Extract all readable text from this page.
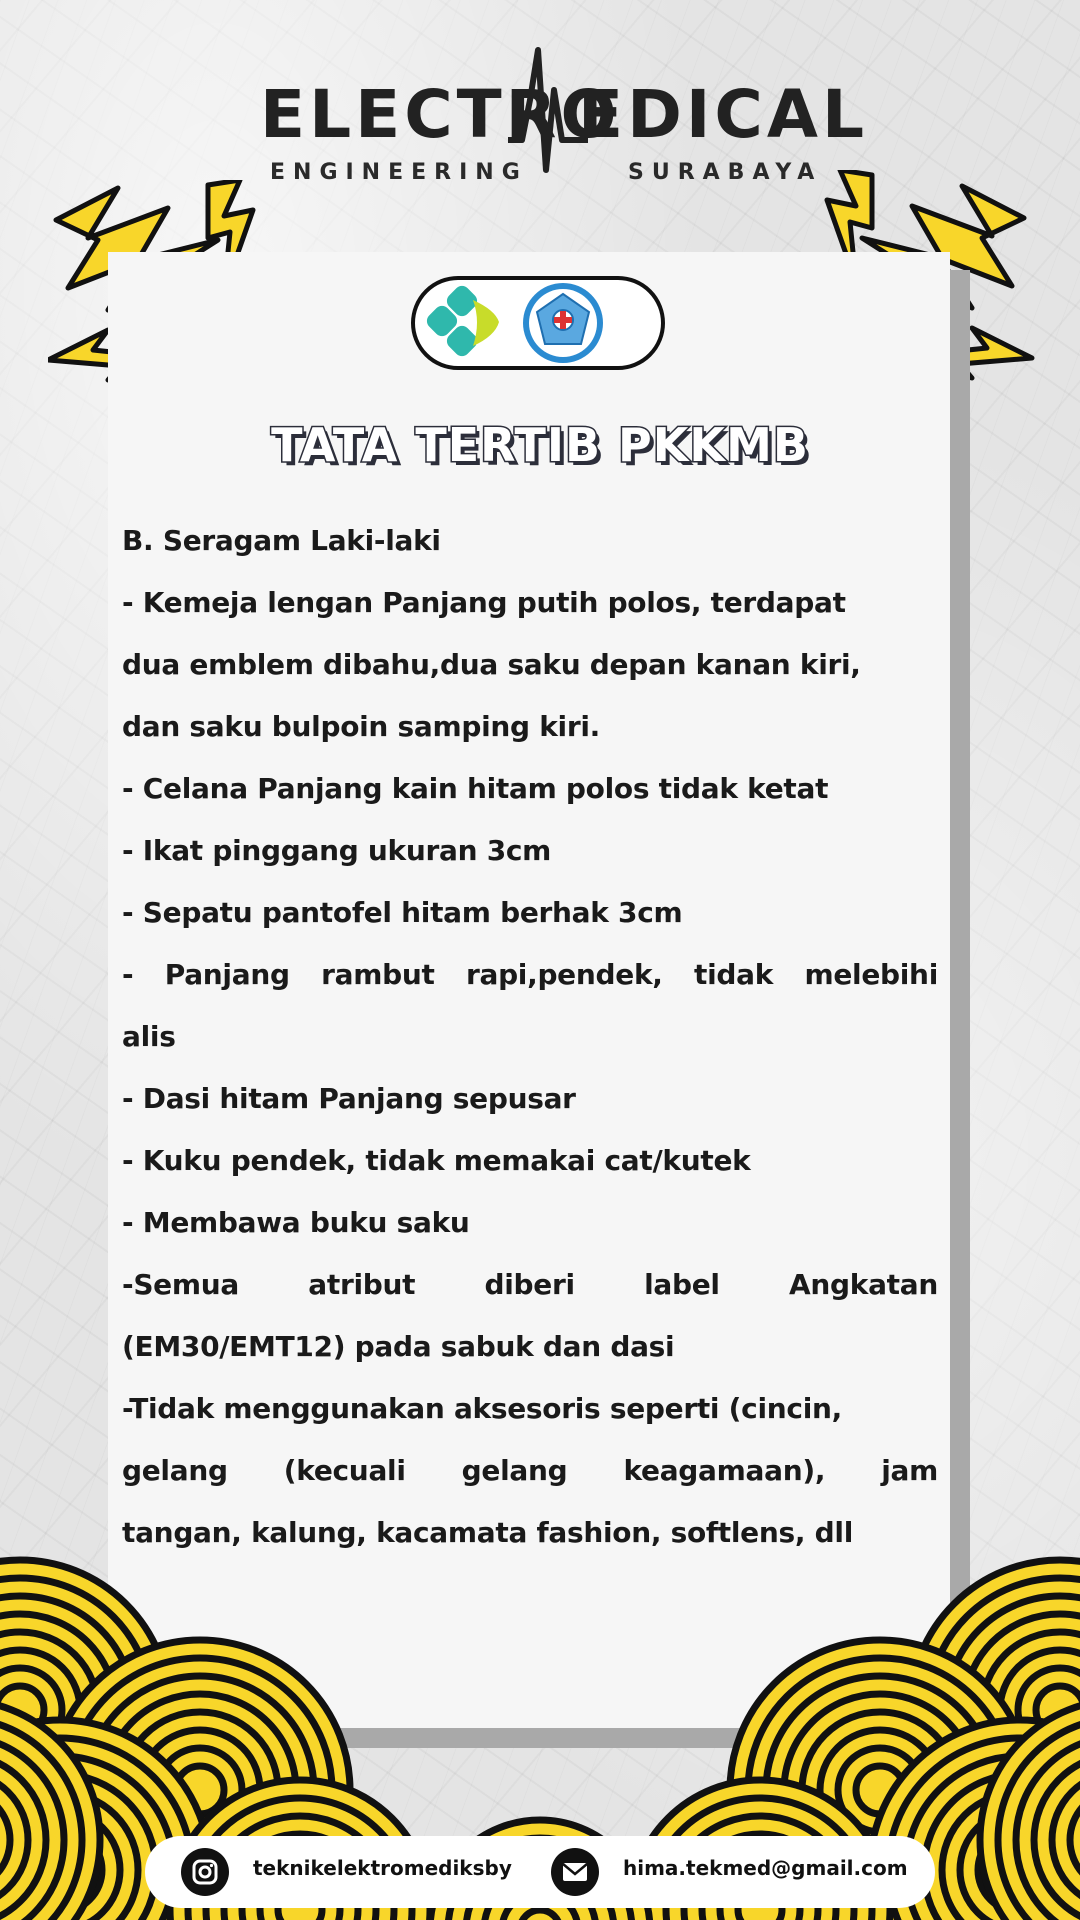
ELECTRO
EDICAL
ENGINEERING	SURABAYA
TATA TERTIB PKKMB

B. Seragam Laki-laki

- Kemeja lengan Panjang putih polos, terdapat

dua emblem dibahu,dua saku depan kanan kiri,

dan saku bulpoin samping kiri.

- Celana Panjang kain hitam polos tidak ketat

- Ikat pinggang ukuran 3cm

- Sepatu pantofel hitam berhak 3cm

- Panjang rambut rapi,pendek, tidak melebihi

alis

- Dasi hitam Panjang sepusar

- Kuku pendek, tidak memakai cat/kutek

- Membawa buku saku

-Semua atribut diberi label Angkatan

(EM30/EMT12) pada sabuk dan dasi

-Tidak menggunakan aksesoris seperti (cincin,

gelang (kecuali gelang keagamaan), jam

tangan, kalung, kacamata fashion, softlens, dll

teknikelektromediksby	hima.tekmed@gmail.com
